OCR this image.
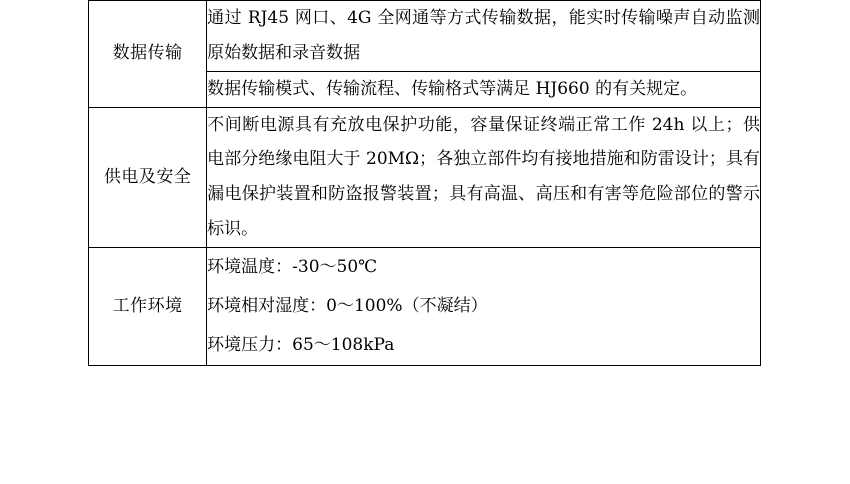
数据传输	通过 RJ45 网口、4G 全网通等方式传输数据，能实时传输噪声自动监测原始数据和录音数据

	数据传输模式、传输流程、传输格式等满足 HJ660 的有关规定。

供电及安全	不间断电源具有充放电保护功能，容量保证终端正常工作 24h 以上；供电部分绝缘电阻大于 20MΩ；各独立部件均有接地措施和防雷设计；具有漏电保护装置和防盗报警装置；具有高温、高压和有害等危险部位的警示标识。

工作环境	环境温度：-30～50℃

环境相对湿度：0～100%（不凝结）

环境压力：65～108kPa
